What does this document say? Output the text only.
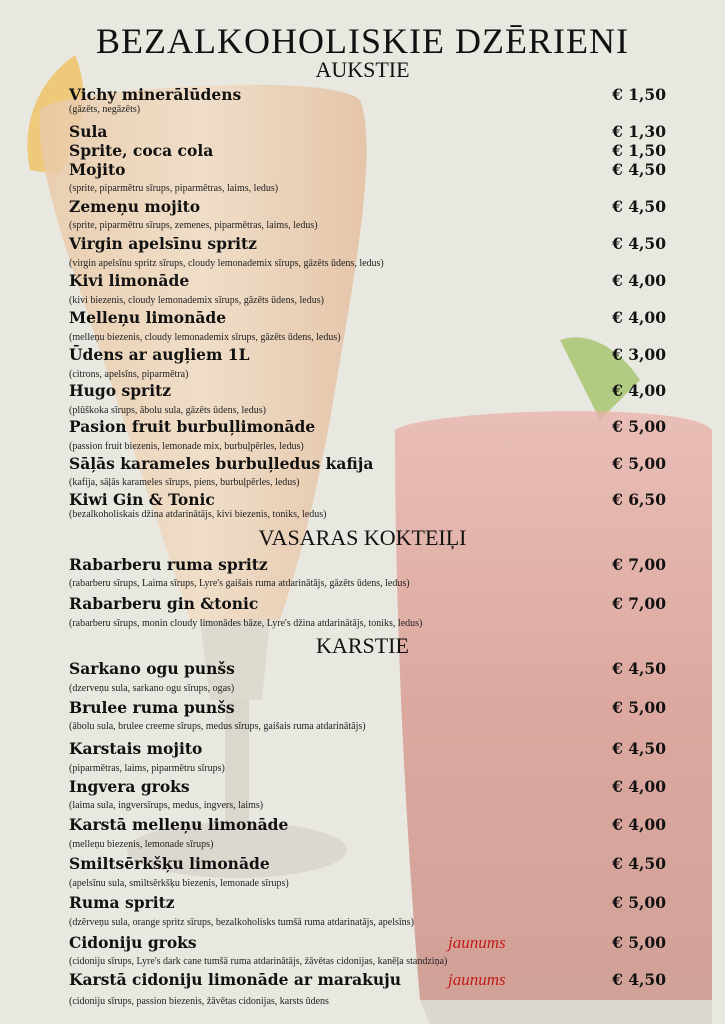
BEZALKOHOLISKIE DZĒRIENI
AUKSTIE
Vichy minerālūdens	€ 1,50
(gāzēts, negāzēts)
Sula	€ 1,30
Sprite, coca cola	€ 1,50
Mojito	€ 4,50
(sprite, piparmētru sīrups, piparmētras, laims, ledus)
Zemeņu mojito	€ 4,50
(sprite, piparmētru sīrups, zemenes, piparmētras, laims, ledus)
Virgin apelsīnu spritz	€ 4,50
(virgin apelsīnu spritz sīrups, cloudy lemonademix sīrups, gāzēts ūdens, ledus)
Kivi limonāde	€ 4,00
(kivi biezenis, cloudy lemonademix sīrups, gāzēts ūdens, ledus)
Melleņu limonāde	€ 4,00
(melleņu biezenis, cloudy lemonademix sīrups, gāzēts ūdens, ledus)
Ūdens ar augļiem 1L	€ 3,00
(citrons, apelsīns, piparmētra)
Hugo spritz	€ 4,00
(plūškoka sīrups, ābolu sula, gāzēts ūdens, ledus)
Pasion fruit burbuļlimonāde	€ 5,00
(passion fruit biezenis, lemonade mix, burbuļpērles, ledus)
Sāļās karameles burbuļledus kafija	€ 5,00
(kafija, sāļās karameles sīrups, piens, burbuļpērles, ledus)
Kiwi Gin & Tonic	€ 6,50
(bezalkoholiskais džina atdarinātājs, kivi biezenis, toniks, ledus)
VASARAS KOKTEIĻI
Rabarberu ruma spritz	€ 7,00
(rabarberu sīrups, Laima sīrups, Lyre's gaišais ruma atdarinātājs, gāzēts ūdens, ledus)
Rabarberu gin &tonic	€ 7,00
(rabarberu sīrups, monin cloudy limonādes bāze, Lyre's džina atdarinātājs, toniks, ledus)
KARSTIE
Sarkano ogu punšs	€ 4,50
(dzerveņu sula, sarkano ogu sīrups, ogas)
Brulee ruma punšs	€ 5,00
(ābolu sula, brulee creeme sīrups, medus sīrups, gaišais ruma atdarinātājs)
Karstais mojito	€ 4,50
(piparmētras, laims, piparmētru sīrups)
Ingvera groks	€ 4,00
(laima sula, ingversīrups, medus, ingvers, laims)
Karstā melleņu limonāde	€ 4,00
(melleņu biezenis, lemonade sīrups)
Smiltsērkšķu limonāde	€ 4,50
(apelsīnu sula, smiltsērkšķu biezenis, lemonade sīrups)
Ruma spritz	€ 5,00
(dzērveņu sula, orange spritz sīrups, bezalkoholisks tumšā ruma atdarinatājs, apelsīns)
Cidoniju groks	jaunums	€ 5,00
(cidoniju sīrups, Lyre's dark cane tumšā ruma atdarinātājs, žāvētas cidonijas, kanēļa standziņa)
Karstā cidoniju limonāde ar marakuju	jaunums	€ 4,50
(cidoniju sīrups, passion biezenis, žāvētas cidonijas, karsts ūdens
